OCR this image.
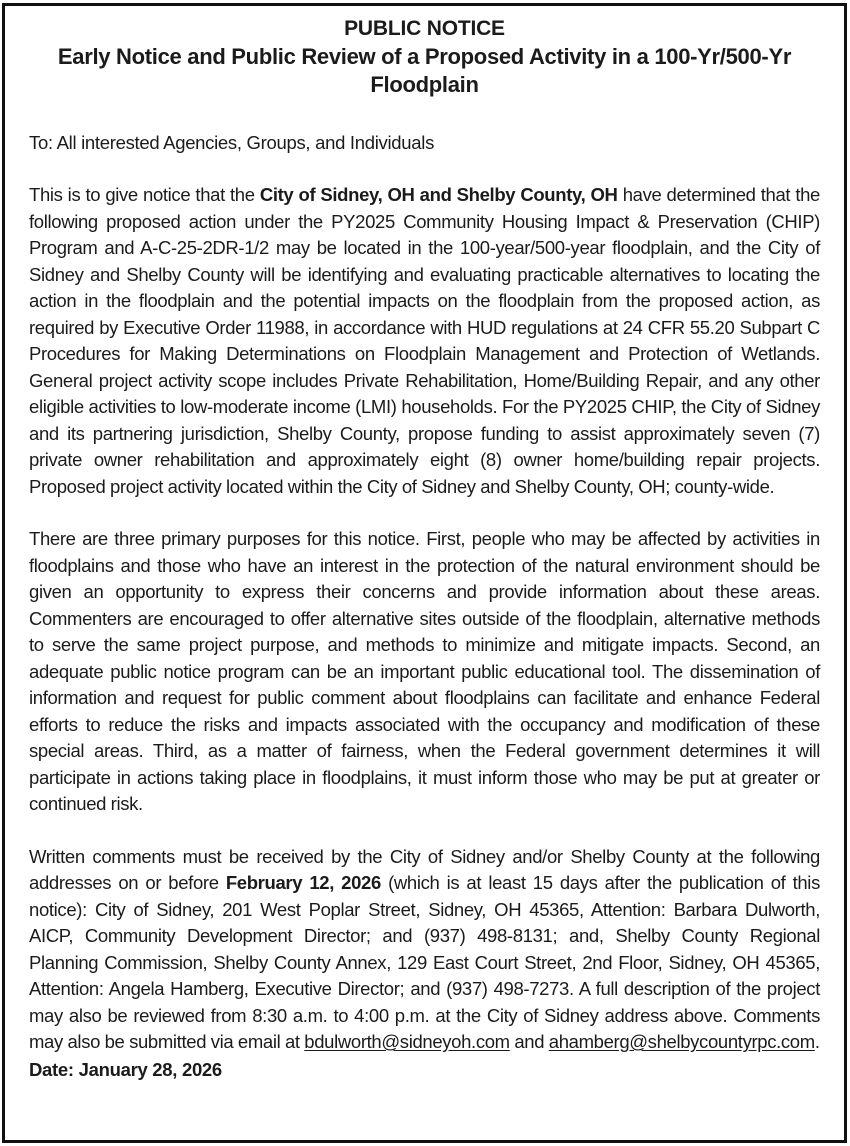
PUBLIC NOTICE
Early Notice and Public Review of a Proposed Activity in a 100-Yr/500-Yr Floodplain

To: All interested Agencies, Groups, and Individuals

This is to give notice that the City of Sidney, OH and Shelby County, OH have determined that the following proposed action under the PY2025 Community Housing Impact & Preservation (CHIP) Program and A-C-25-2DR-1/2 may be located in the 100-year/500-year floodplain, and the City of Sidney and Shelby County will be identifying and evaluating practicable alternatives to locating the action in the floodplain and the potential impacts on the floodplain from the proposed action, as required by Executive Order 11988, in accordance with HUD regulations at 24 CFR 55.20 Subpart C Procedures for Making Determinations on Floodplain Management and Protection of Wetlands. General project activity scope includes Private Rehabilitation, Home/Building Repair, and any other eligible activities to low-moderate income (LMI) households. For the PY2025 CHIP, the City of Sidney and its partnering jurisdiction, Shelby County, propose funding to assist approximately seven (7) private owner rehabilitation and approximately eight (8) owner home/building repair projects. Proposed project activity located within the City of Sidney and Shelby County, OH; county-wide.

There are three primary purposes for this notice. First, people who may be affected by activities in floodplains and those who have an interest in the protection of the natural environment should be given an opportunity to express their concerns and provide information about these areas. Commenters are encouraged to offer alternative sites outside of the floodplain, alternative methods to serve the same project purpose, and methods to minimize and mitigate impacts. Second, an adequate public notice program can be an important public educational tool. The dissemination of information and request for public comment about floodplains can facilitate and enhance Federal efforts to reduce the risks and impacts associated with the occupancy and modification of these special areas. Third, as a matter of fairness, when the Federal government determines it will participate in actions taking place in floodplains, it must inform those who may be put at greater or continued risk.

Written comments must be received by the City of Sidney and/or Shelby County at the following addresses on or before February 12, 2026 (which is at least 15 days after the publication of this notice): City of Sidney, 201 West Poplar Street, Sidney, OH 45365, Attention: Barbara Dulworth, AICP, Community Development Director; and (937) 498-8131; and, Shelby County Regional Planning Commission, Shelby County Annex, 129 East Court Street, 2nd Floor, Sidney, OH 45365, Attention: Angela Hamberg, Executive Director; and (937) 498-7273. A full description of the project may also be reviewed from 8:30 a.m. to 4:00 p.m. at the City of Sidney address above. Comments may also be submitted via email at bdulworth@sidneyoh.com and ahamberg@shelbycountyrpc.com.

Date: January 28, 2026
